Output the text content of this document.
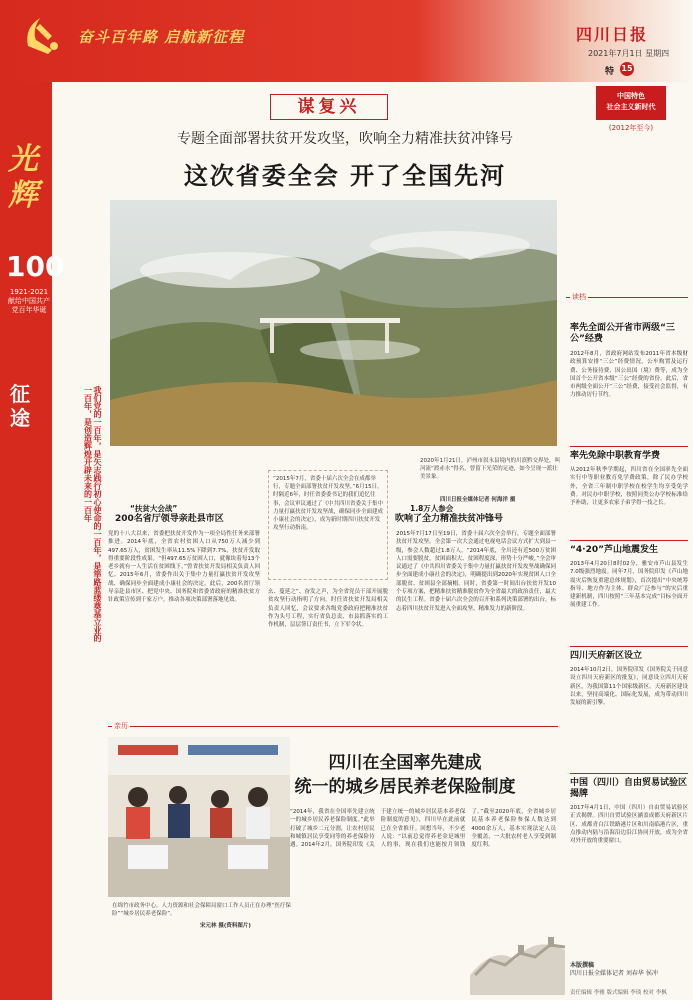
奋斗百年路 启航新征程	四川日报
2021年7月1日 星期四
特 15
中国特色
社会主义新时代
(2012年至今)
光辉
100
1921-2021 献给中国共产党百年华诞
征途	我们党的一百年，是矢志践行初心使命的一百年，是筚路蓝缕奠基立业的一百年，是创造辉煌开辟未来的一百年
谋复兴
专题全面部署扶贫开发攻坚，吹响全力精准扶贫冲锋号
这次省委全会 开了全国先河
2020年1月21日，泸州市叙永县境内的川滇黔交界处，叫河流“渡赤水”得名，曾留下光荣的足迹，如今呈现一派壮美景象。
四川日报全媒体记者 何海洋 摄
“2015年7月，省委十届六次全会在成都举行，专题全面部署扶贫开发攻坚。”6月15日，时隔近6年，时任省委委书记的我们追忆往事，会议审议通过了《中共四川省委关于集中力量打赢扶贫开发攻坚战，确保同步全面建成小康社会的决定》，成为新时期四川扶贫开发攻坚行动指南。
“扶贫大会战”
200名省厅领导亲赴县市区
党的十八大以来，省委把扶贫开发作为一项全局性任务来部署推进。2014年底，全省农村贫困人口从750万人减少到497.65万人，贫困发生率从11.5%下降到7.7%，扶贫开发取得重要阶段性成果。“但497.65万贫困人口，就像块着每13个老乡就有一人生活在贫困线下。”曾省扶贫开发局相关负责人回忆。2015年6月，省委作出关于集中力量打赢扶贫开发攻坚战、确保同步全面建成小康社会的决定。此后，200名省厅领导亲赴县市区、把党中央、国务院和省委省政府的精准扶贫方针政策宣传到千家万户，推动各项决策部署落地见效。
幺、蔓延之”、奋发之声，为全省党员干部开展脱贫攻坚行动指明了方向。时任省扶贫开发局相关负责人回忆，会议要求各级党委政府把精准扶贫作为头号工程，实行省负总责、市县抓落实的工作机制，层层签订责任书，立下军令状。
1.8万人参会
吹响了全力精准扶贫冲锋号
2015年7月17日至19日，省委十届六次全会举行，专题全面部署扶贫开发攻坚。全会第一次大会通过电视电话会议方式扩大到县一级，参会人数超过1.8万人。“2014年底，全川还有近500万贫困人口需要脱贫，贫困面积大、贫困程度深，形势十分严峻。”全会审议通过了《中共四川省委关于集中力量打赢扶贫开发攻坚战确保同步全面建成小康社会的决定》，明确提出到2020年实现贫困人口全部脱贫、贫困县全部摘帽。同时，省委第一时间出台扶贫开发10个专项方案，把精准扶贫精准脱贫作为全省最大的政治责任，最大的民生工程。省委十届六次全会的召开和系列决策部署的出台，标志着四川扶贫开发进入全面攻坚、精准发力的新阶段。
读档
率先全面公开省市两级“三公”经费
2012年8月，省政府网站发布2011年省本级财政预算安排“三公”经费情况，公车购置及运行费、公务接待费、因公出国（境）费等，成为全国首个公开省本级“三公”经费的省份。此后，省市两级全面公开“三公”经费，接受社会监督，有力推动厉行节约。
率先免除中职教育学费
从2012年秋季学期起，四川省在全国率先全面实行中等职业教育免学费政策，除了民办学校外，全省三年制中职学校在校学生均享受免学费。对民办中职学校，按照同类公办学校标准给予补助，让更多农家子弟学得一技之长。
“4·20”芦山地震发生
2013年4月20日8时02分，雅安市芦山县发生7.0级强烈地震。同年7月，国务院印发《芦山地震灾后恢复重建总体规划》，首次提出“中央统筹指导、地方作为主体、群众广泛参与”的灾后重建新机制，四川按照“三年基本完成”目标全面开展重建工作。
四川天府新区设立
2014年10月2日，国务院印发《国务院关于同意设立四川天府新区的批复》，同意设立四川天府新区，为我国第11个国家级新区。天府新区建设以来，坚持高端化、国际化发展，成为带动四川发展的新引擎。
中国（四川）自由贸易试验区揭牌
2017年4月1日，中国（四川）自由贸易试验区正式揭牌。四川自贸试验区涵盖成都天府新区片区、成都青白江铁路港片区和川南临港片区，重点推动内陆与沿海沿边沿江协同开放，成为全省对外开放的重要窗口。
亲历
在绵竹市政务中心，人力资源和社会保障局窗口工作人员正在办理“医疗保险”“城乡居民养老保险”。
宋元林 摄(资料图片)
四川在全国率先建成
统一的城乡居民养老保险制度
“2014年，我省在全国率先建立统一的城乡居民养老保险制度。”此举打破了城乡二元分割，让农村居民和城镇居民享受同等的养老保险待遇。2014年2月，国务院印发《关于建立统一的城乡居民基本养老保险制度的意见》，四川早在此前就已在全省推开。回想当年，不少老人说：“以前总觉得养老金是城里人的事，现在我们也能按月领钱了。”截至2020年底，全省城乡居民基本养老保险参保人数达到4000余万人，基本实现法定人员全覆盖，一大批农村老人享受到制度红利。
本版撰稿
四川日报全媒体记者 刘春华 侯冲
责任编辑 李雅 版式编辑 李琰 校对 李枫
